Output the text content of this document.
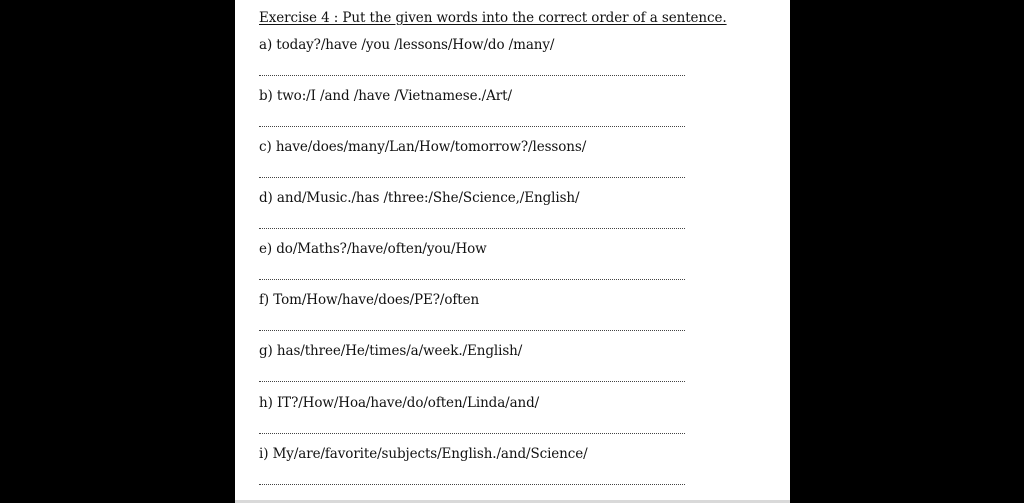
Exercise 4 : Put the given words into the correct order of a sentence.
a) today?/have /you /lessons/How/do /many/
b) two:/I /and /have /Vietnamese./Art/
c) have/does/many/Lan/How/tomorrow?/lessons/
d) and/Music./has /three:/She/Science,/English/
e) do/Maths?/have/often/you/How
f) Tom/How/have/does/PE?/often
g) has/three/He/times/a/week./English/
h) IT?/How/Hoa/have/do/often/Linda/and/
i) My/are/favorite/subjects/English./and/Science/
